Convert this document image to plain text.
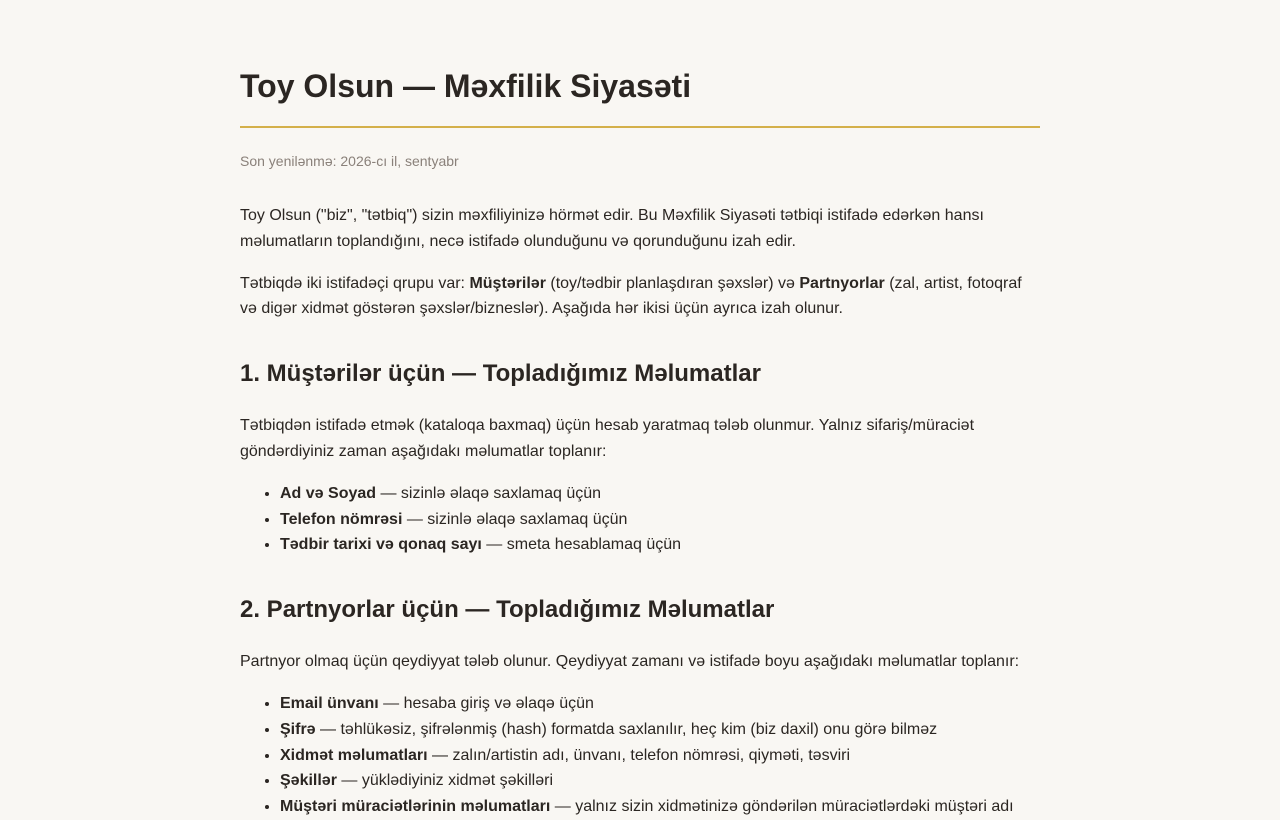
Toy Olsun — Məxfilik Siyasəti
Son yenilənmə: 2026-cı il, sentyabr

Toy Olsun ("biz", "tətbiq") sizin məxfiliyinizə hörmət edir. Bu Məxfilik Siyasəti tətbiqi istifadə edərkən hansı məlumatların toplandığını, necə istifadə olunduğunu və qorunduğunu izah edir.

Tətbiqdə iki istifadəçi qrupu var: Müştərilər (toy/tədbir planlaşdıran şəxslər) və Partnyorlar (zal, artist, fotoqraf və digər xidmət göstərən şəxslər/bizneslər). Aşağıda hər ikisi üçün ayrıca izah olunur.

1. Müştərilər üçün — Topladığımız Məlumatlar

Tətbiqdən istifadə etmək (kataloqa baxmaq) üçün hesab yaratmaq tələb olunmur. Yalnız sifariş/müraciət göndərdiyiniz zaman aşağıdakı məlumatlar toplanır:

• Ad və Soyad — sizinlə əlaqə saxlamaq üçün
• Telefon nömrəsi — sizinlə əlaqə saxlamaq üçün
• Tədbir tarixi və qonaq sayı — smeta hesablamaq üçün
2. Partnyorlar üçün — Topladığımız Məlumatlar

Partnyor olmaq üçün qeydiyyat tələb olunur. Qeydiyyat zamanı və istifadə boyu aşağıdakı məlumatlar toplanır:

• Email ünvanı — hesaba giriş və əlaqə üçün
• Şifrə — təhlükəsiz, şifrələnmiş (hash) formatda saxlanılır, heç kim (biz daxil) onu görə bilməz
• Xidmət məlumatları — zalın/artistin adı, ünvanı, telefon nömrəsi, qiyməti, təsviri
• Şəkillər — yüklədiyiniz xidmət şəkilləri
• Müştəri müraciətlərinin məlumatları — yalnız sizin xidmətinizə göndərilən müraciətlərdəki müştəri adı
